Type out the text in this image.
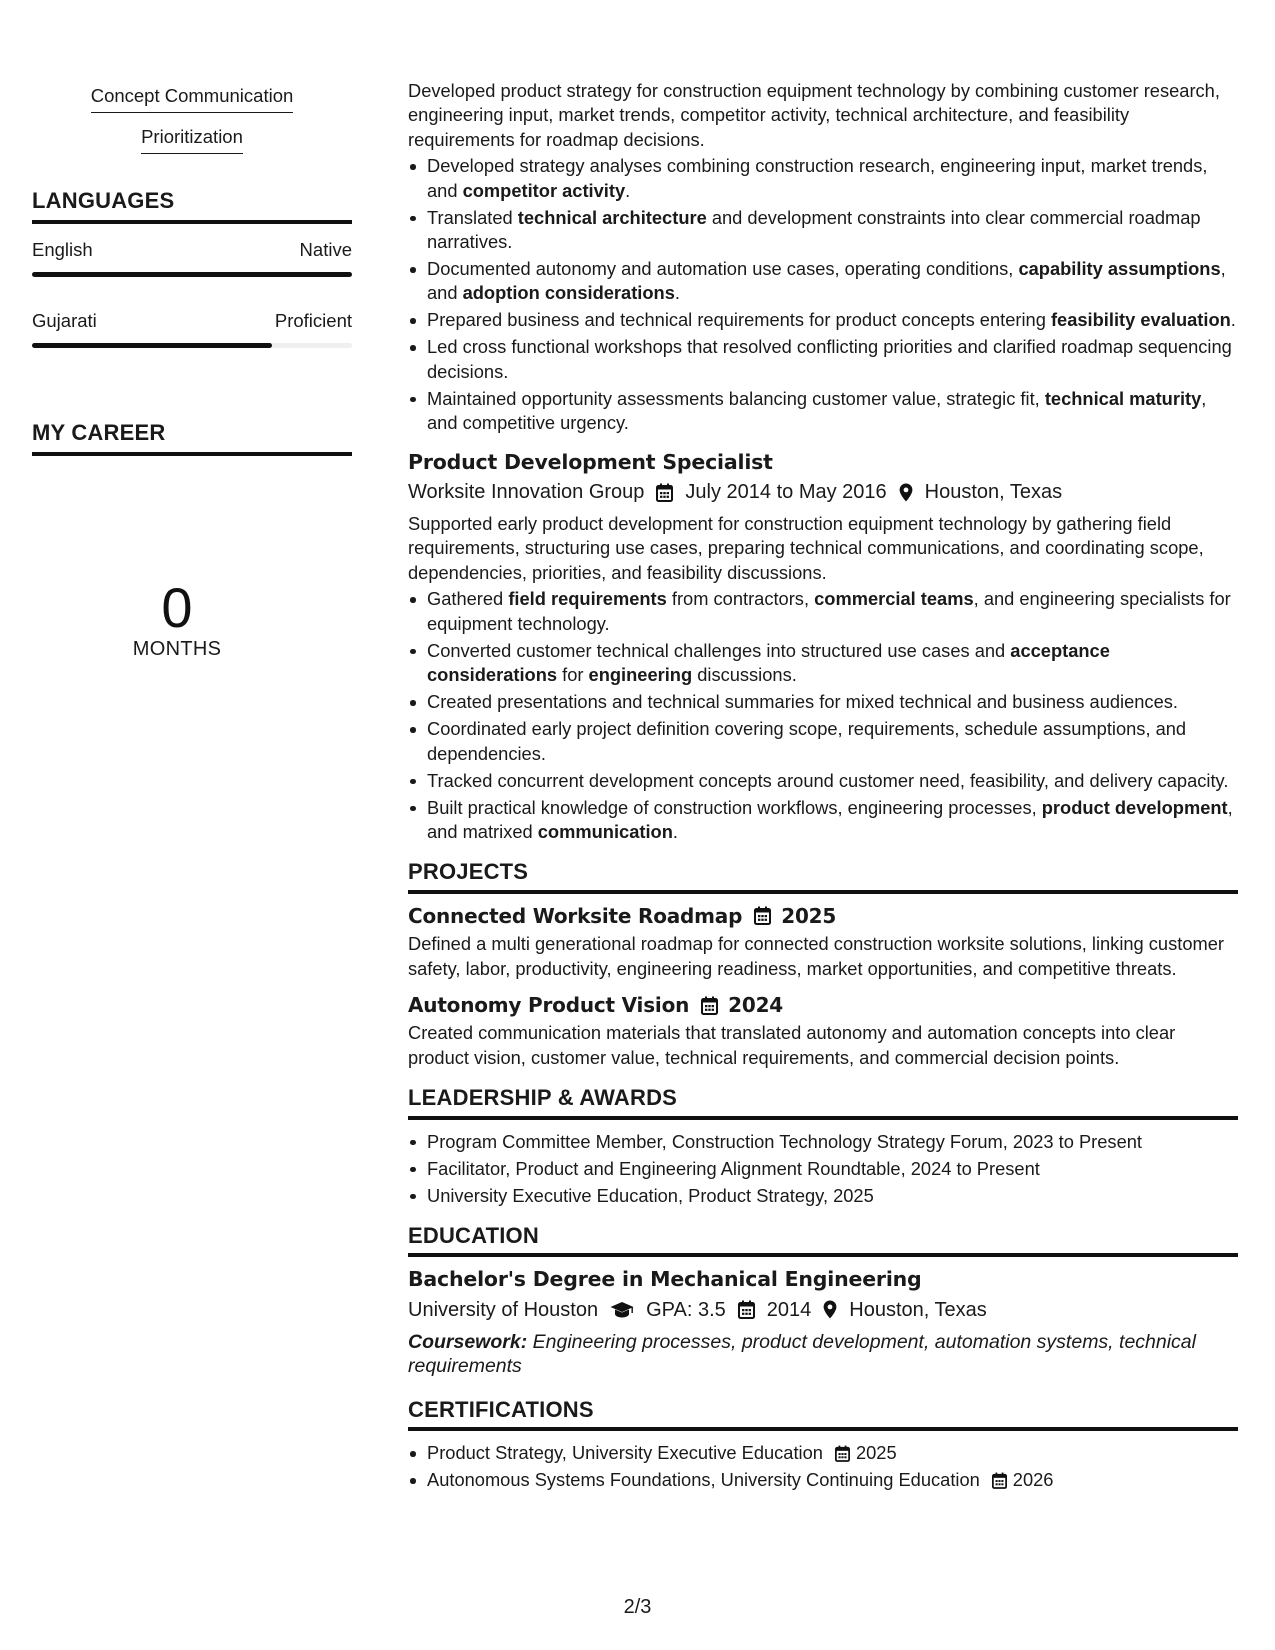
Concept Communication
Prioritization
LANGUAGES
English	Native
Gujarati	Proficient
MY CAREER
0
MONTHS
Developed product strategy for construction equipment technology by combining customer research, engineering input, market trends, competitor activity, technical architecture, and feasibility requirements for roadmap decisions.
Developed strategy analyses combining construction research, engineering input, market trends, and competitor activity.
Translated technical architecture and development constraints into clear commercial roadmap narratives.
Documented autonomy and automation use cases, operating conditions, capability assumptions, and adoption considerations.
Prepared business and technical requirements for product concepts entering feasibility evaluation.
Led cross functional workshops that resolved conflicting priorities and clarified roadmap sequencing decisions.
Maintained opportunity assessments balancing customer value, strategic fit, technical maturity, and competitive urgency.
Product Development Specialist
Worksite Innovation Group July 2014 to May 2016 Houston, Texas
Supported early product development for construction equipment technology by gathering field requirements, structuring use cases, preparing technical communications, and coordinating scope, dependencies, priorities, and feasibility discussions.
Gathered field requirements from contractors, commercial teams, and engineering specialists for equipment technology.
Converted customer technical challenges into structured use cases and acceptance considerations for engineering discussions.
Created presentations and technical summaries for mixed technical and business audiences.
Coordinated early project definition covering scope, requirements, schedule assumptions, and dependencies.
Tracked concurrent development concepts around customer need, feasibility, and delivery capacity.
Built practical knowledge of construction workflows, engineering processes, product development, and matrixed communication.
PROJECTS
Connected Worksite Roadmap 2025
Defined a multi generational roadmap for connected construction worksite solutions, linking customer safety, labor, productivity, engineering readiness, market opportunities, and competitive threats.
Autonomy Product Vision 2024
Created communication materials that translated autonomy and automation concepts into clear product vision, customer value, technical requirements, and commercial decision points.
LEADERSHIP & AWARDS
Program Committee Member, Construction Technology Strategy Forum, 2023 to Present
Facilitator, Product and Engineering Alignment Roundtable, 2024 to Present
University Executive Education, Product Strategy, 2025
EDUCATION
Bachelor's Degree in Mechanical Engineering
University of Houston GPA: 3.5 2014 Houston, Texas
Coursework: Engineering processes, product development, automation systems, technical requirements
CERTIFICATIONS
Product Strategy, University Executive Education 2025
Autonomous Systems Foundations, University Continuing Education 2026
2/3
